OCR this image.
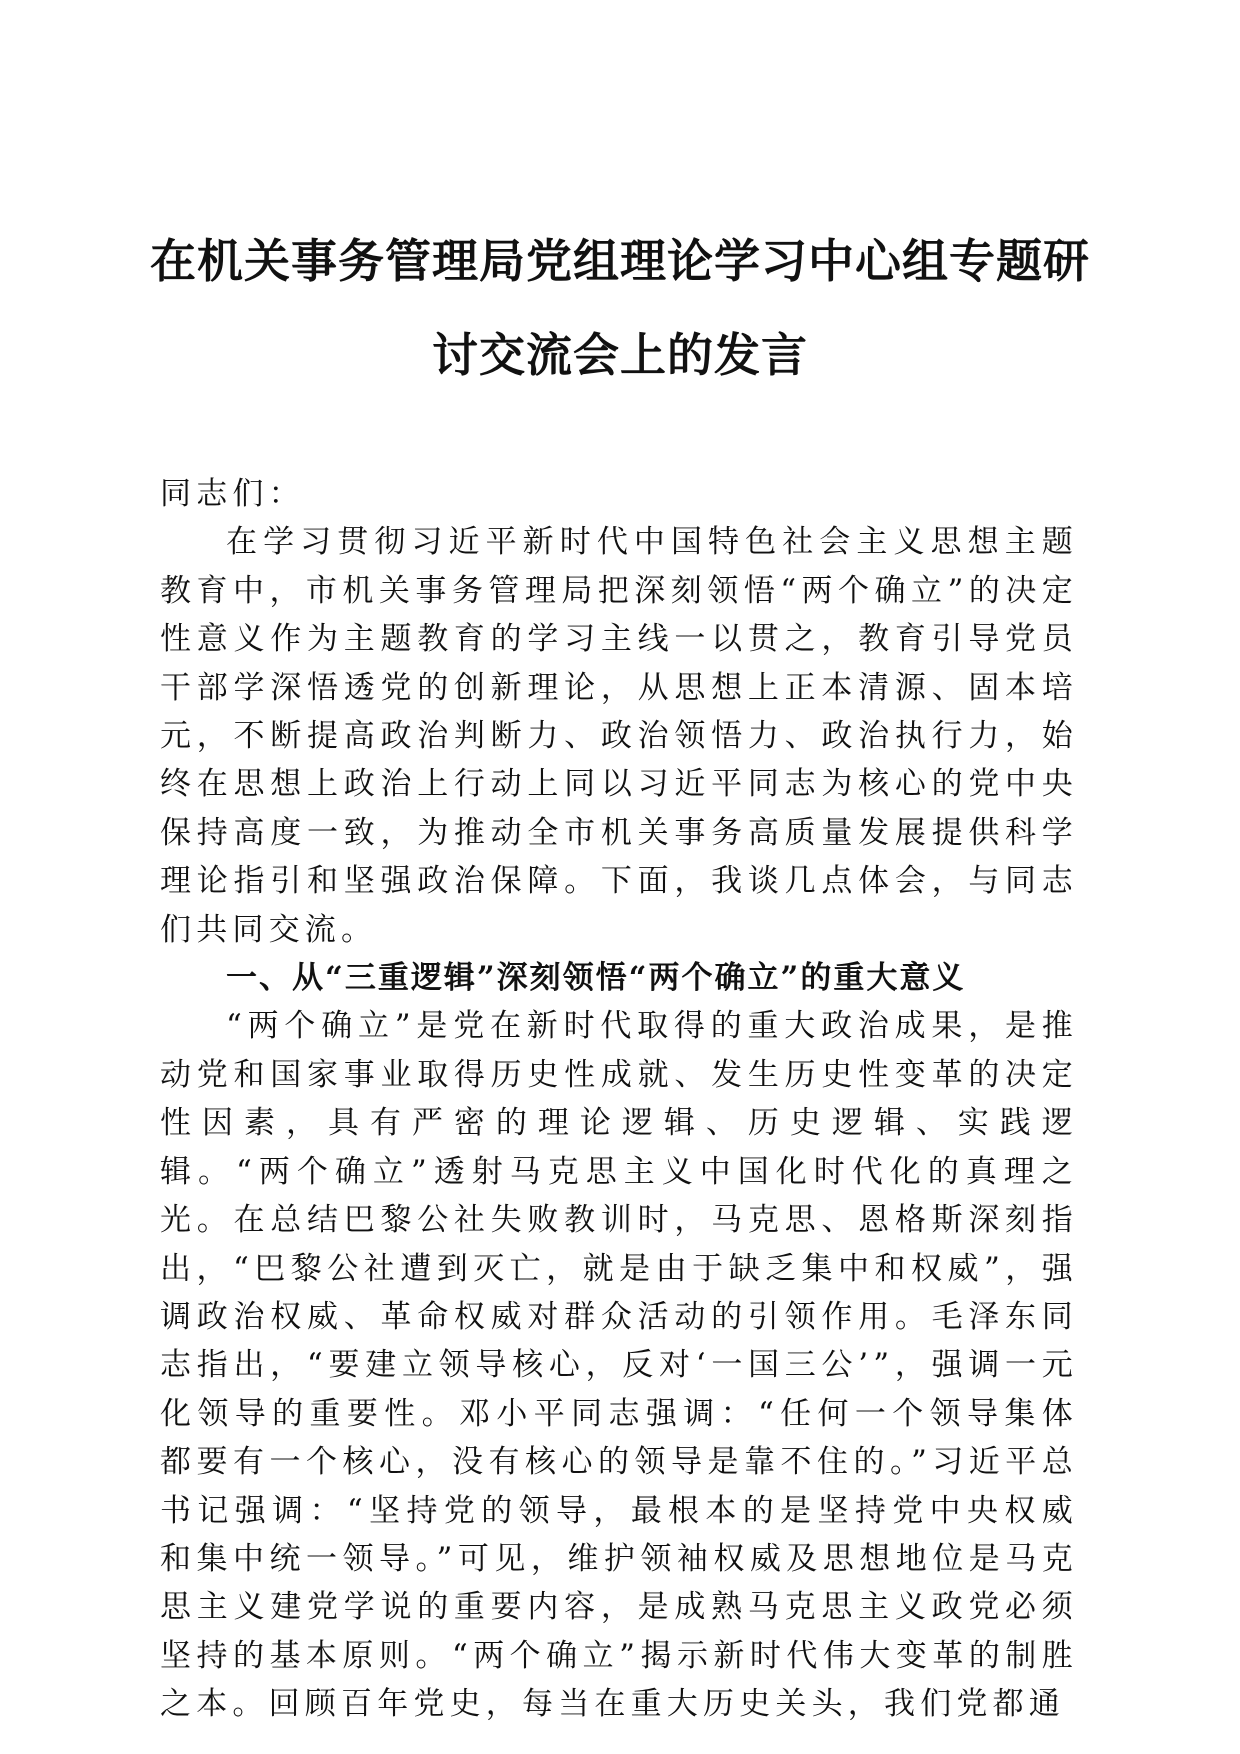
在机关事务管理局党组理论学习中心组专题研讨交流会上的发言

同志们：

在学习贯彻习近平新时代中国特色社会主义思想主题教育中，市机关事务管理局把深刻领悟“两个确立”的决定性意义作为主题教育的学习主线一以贯之，教育引导党员干部学深悟透党的创新理论，从思想上正本清源、固本培元，不断提高政治判断力、政治领悟力、政治执行力，始终在思想上政治上行动上同以习近平同志为核心的党中央保持高度一致，为推动全市机关事务高质量发展提供科学理论指引和坚强政治保障。下面，我谈几点体会，与同志们共同交流。

一、从“三重逻辑”深刻领悟“两个确立”的重大意义

“两个确立”是党在新时代取得的重大政治成果，是推动党和国家事业取得历史性成就、发生历史性变革的决定性因素，具有严密的理论逻辑、历史逻辑、实践逻辑。“两个确立”透射马克思主义中国化时代化的真理之光。在总结巴黎公社失败教训时，马克思、恩格斯深刻指出，“巴黎公社遭到灭亡，就是由于缺乏集中和权威”，强调政治权威、革命权威对群众活动的引领作用。毛泽东同志指出，“要建立领导核心，反对‘一国三公’”，强调一元化领导的重要性。邓小平同志强调：“任何一个领导集体都要有一个核心，没有核心的领导是靠不住的。”习近平总书记强调：“坚持党的领导，最根本的是坚持党中央权威和集中统一领导。”可见，维护领袖权威及思想地位是马克思主义建党学说的重要内容，是成熟马克思主义政党必须坚持的基本原则。“两个确立”揭示新时代伟大变革的制胜之本。回顾百年党史，每当在重大历史关头，我们党都通
